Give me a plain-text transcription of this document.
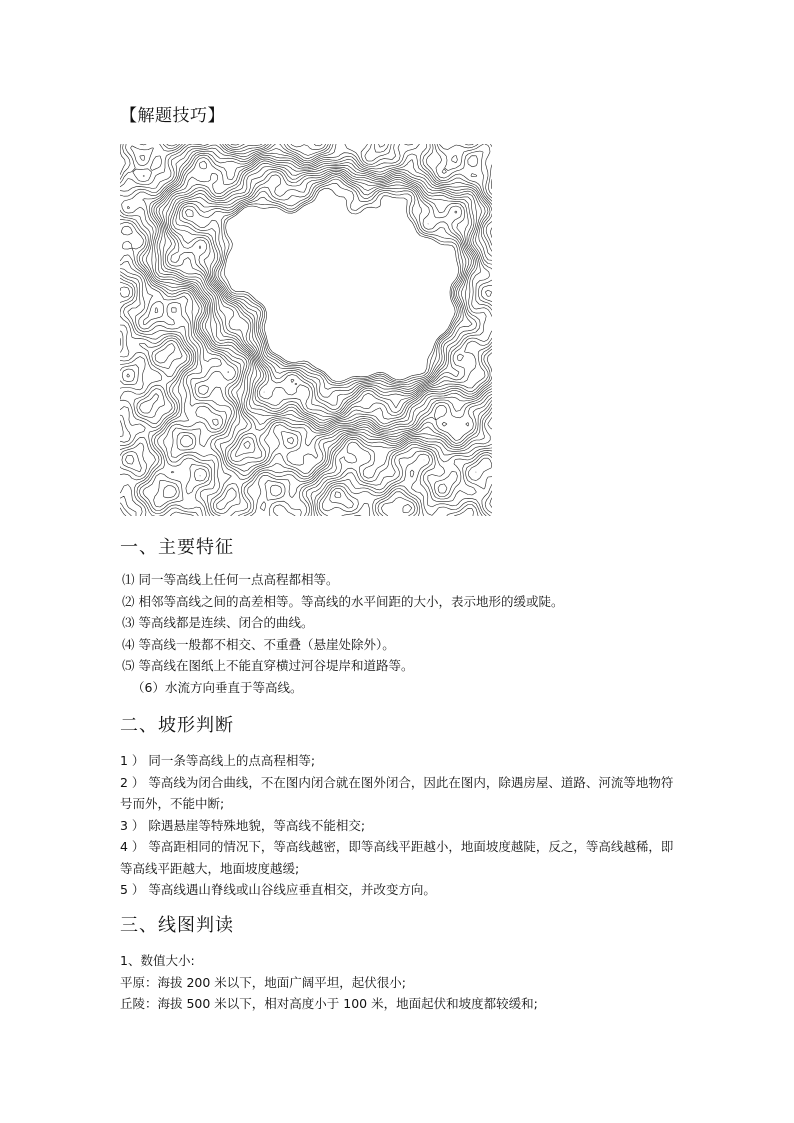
【解题技巧】
一、主要特征
⑴ 同一等高线上任何一点高程都相等。
⑵ 相邻等高线之间的高差相等。等高线的水平间距的大小，表示地形的缓或陡。
⑶ 等高线都是连续、闭合的曲线。
⑷ 等高线一般都不相交、不重叠（悬崖处除外）。
⑸ 等高线在图纸上不能直穿横过河谷堤岸和道路等。
（6）水流方向垂直于等高线。
二、坡形判断
1 ） 同一条等高线上的点高程相等;
2 ） 等高线为闭合曲线，不在图内闭合就在图外闭合，因此在图内，除遇房屋、道路、河流等地物符号而外，不能中断;
3 ） 除遇悬崖等特殊地貌，等高线不能相交;
4 ） 等高距相同的情况下，等高线越密，即等高线平距越小，地面坡度越陡，反之，等高线越稀，即等高线平距越大，地面坡度越缓;
5 ） 等高线遇山脊线或山谷线应垂直相交，并改变方向。
三、线图判读
1、数值大小:
平原：海拔 200 米以下，地面广阔平坦，起伏很小;
丘陵：海拔 500 米以下，相对高度小于 100 米，地面起伏和坡度都较缓和;
